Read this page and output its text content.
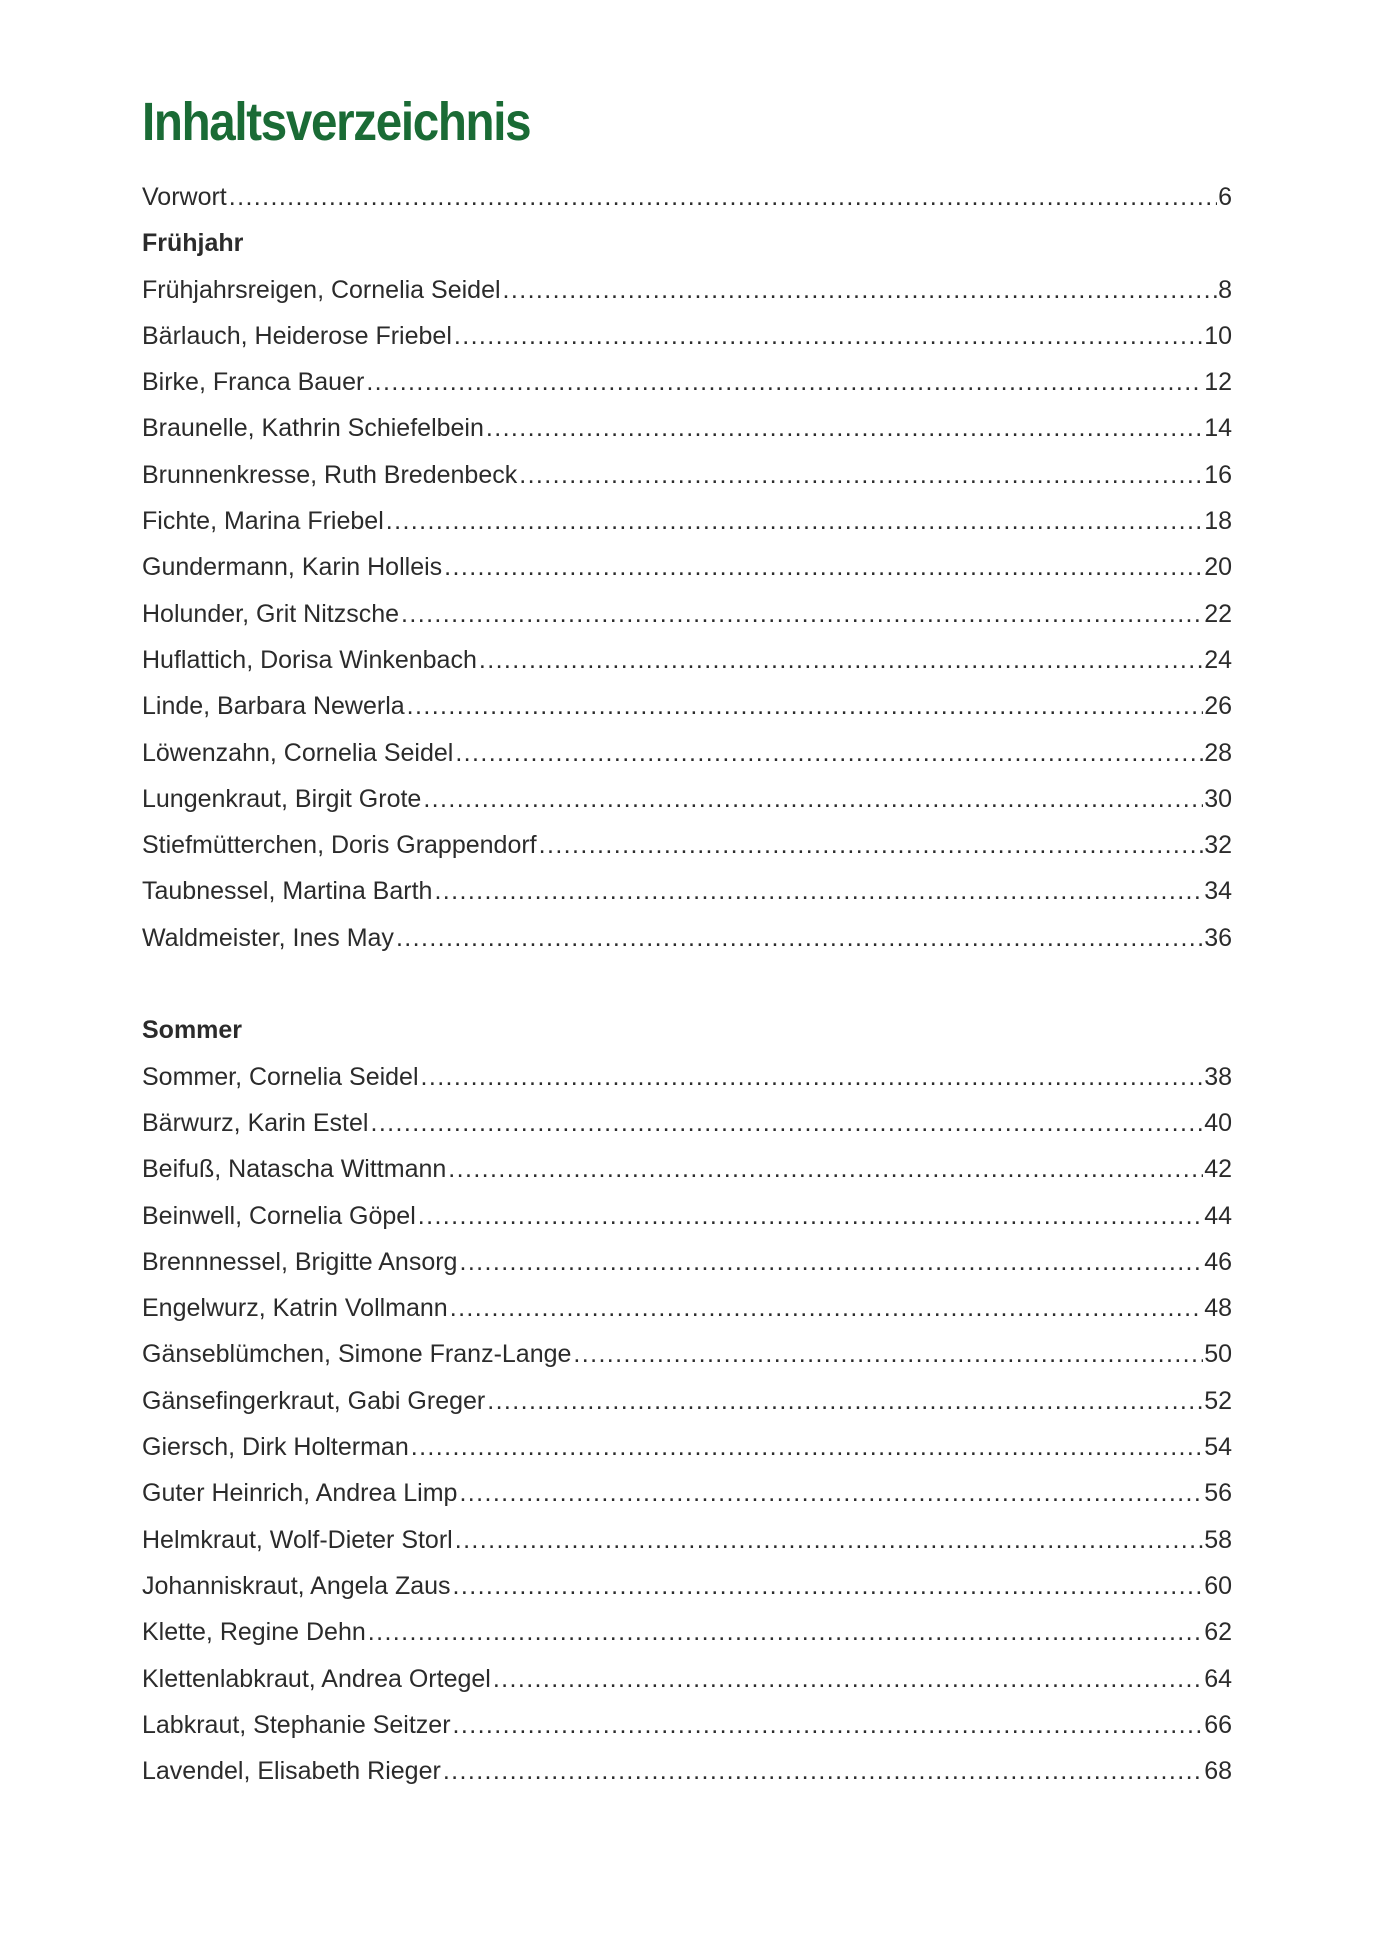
Inhaltsverzeichnis
Vorwort .....	6
Frühjahr
Frühjahrsreigen, Cornelia Seidel .....	8
Bärlauch, Heiderose Friebel .....	10
Birke, Franca Bauer .....	12
Braunelle, Kathrin Schiefelbein .....	14
Brunnenkresse, Ruth Bredenbeck .....	16
Fichte, Marina Friebel .....	18
Gundermann, Karin Holleis .....	20
Holunder, Grit Nitzsche .....	22
Huflattich, Dorisa Winkenbach .....	24
Linde, Barbara Newerla .....	26
Löwenzahn, Cornelia Seidel .....	28
Lungenkraut, Birgit Grote .....	30
Stiefmütterchen, Doris Grappendorf .....	32
Taubnessel, Martina Barth .....	34
Waldmeister, Ines May .....	36
Sommer
Sommer, Cornelia Seidel .....	38
Bärwurz, Karin Estel .....	40
Beifuß, Natascha Wittmann .....	42
Beinwell, Cornelia Göpel .....	44
Brennnessel, Brigitte Ansorg .....	46
Engelwurz, Katrin Vollmann .....	48
Gänseblümchen, Simone Franz-Lange .....	50
Gänsefingerkraut, Gabi Greger .....	52
Giersch, Dirk Holterman .....	54
Guter Heinrich, Andrea Limp .....	56
Helmkraut, Wolf-Dieter Storl .....	58
Johanniskraut, Angela Zaus .....	60
Klette, Regine Dehn .....	62
Klettenlabkraut, Andrea Ortegel .....	64
Labkraut, Stephanie Seitzer .....	66
Lavendel, Elisabeth Rieger .....	68
